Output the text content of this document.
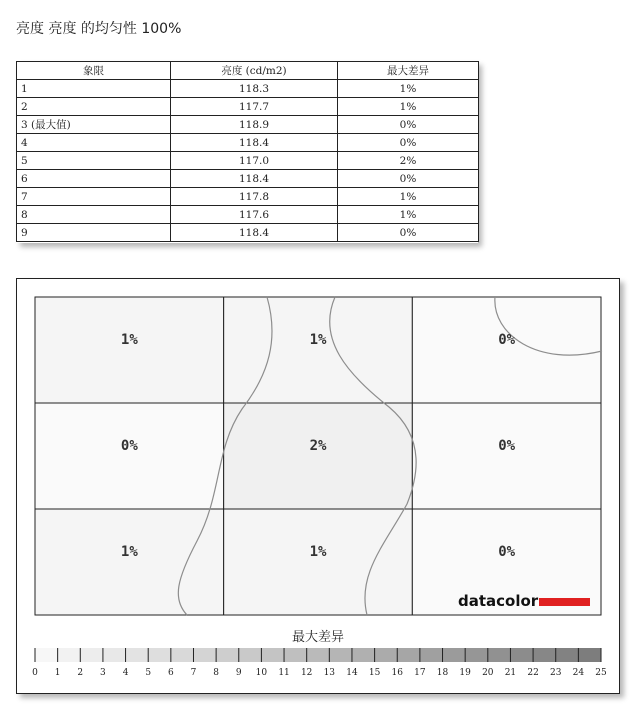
亮度 亮度 的均匀性 100%
象限	亮度 (cd/m2)	最大差异
1	118.3	1%
2	117.7	1%
3 (最大值)	118.9	0%
4	118.4	0%
5	117.0	2%
6	118.4	0%
7	117.8	1%
8	117.6	1%
9	118.4	0%
1%	1%	0%
0%	2%	0%
1%	1%	0%
datacolor
最大差异
0 1 2 3 4 5 6 7 8 9 10 11 12 13 14 15 16 17 18 19 20 21 22 23 24 25
